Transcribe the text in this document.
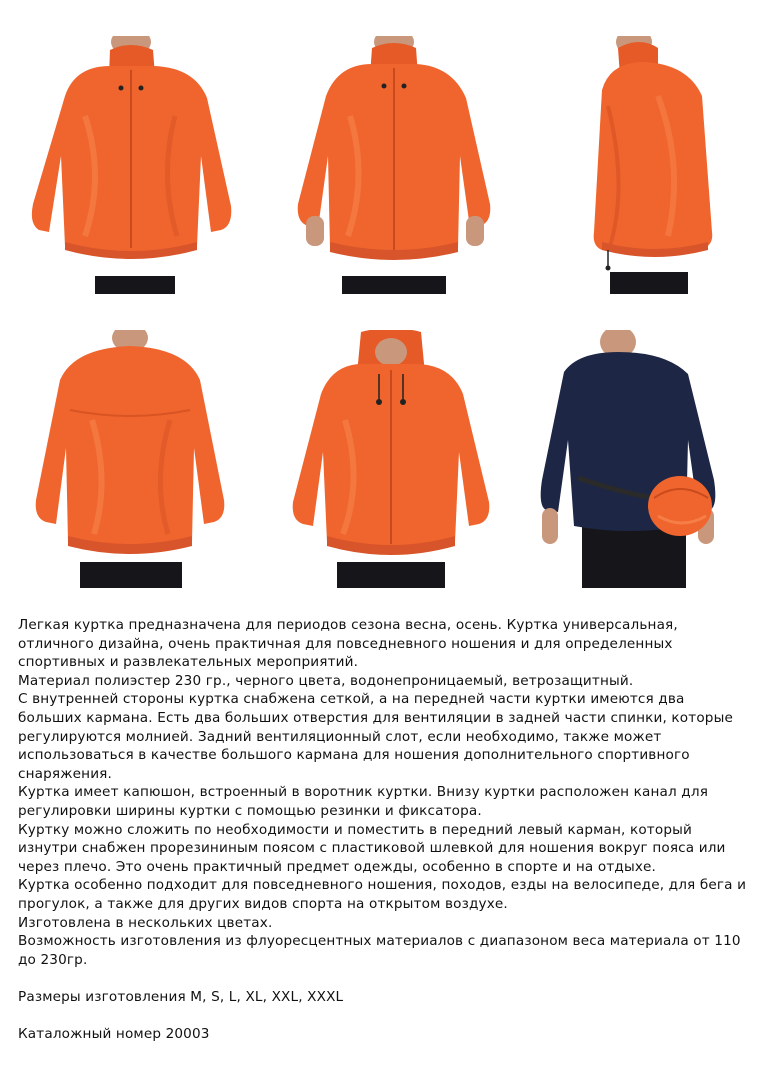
Легкая куртка предназначена для периодов сезона весна, осень. Куртка универсальная, отличного дизайна, очень практичная для повседневного ношения и для определенных спортивных и развлекательных мероприятий.

Материал полиэстер 230 гр., черного цвета, водонепроницаемый, ветрозащитный.

С внутренней стороны куртка снабжена сеткой, а на передней части куртки имеются два больших кармана. Есть два больших отверстия для вентиляции в задней части спинки, которые регулируются молнией. Задний вентиляционный слот, если необходимо, также может использоваться в качестве большого кармана для ношения дополнительного спортивного снаряжения.

Куртка имеет капюшон, встроенный в воротник куртки. Внизу куртки расположен канал для регулировки ширины куртки с помощью резинки и фиксатора.

Куртку можно сложить по необходимости и поместить в передний левый карман, который изнутри снабжен прорезининым поясом с пластиковой шлевкой для ношения вокруг пояса или через плечо. Это очень практичный предмет одежды, особенно в спорте и на отдыхе.

Куртка особенно подходит для повседневного ношения, походов, езды на велосипеде, для бега и прогулок, а также для других видов спорта на открытом воздухе.

Изготовлена в нескольких цветах.

Возможность изготовления из флуоресцентных материалов с диапазоном веса материала от 110 до 230гр.

Размеры изготовления M, S, L, XL, XXL, XXXL

Каталожный номер 20003
